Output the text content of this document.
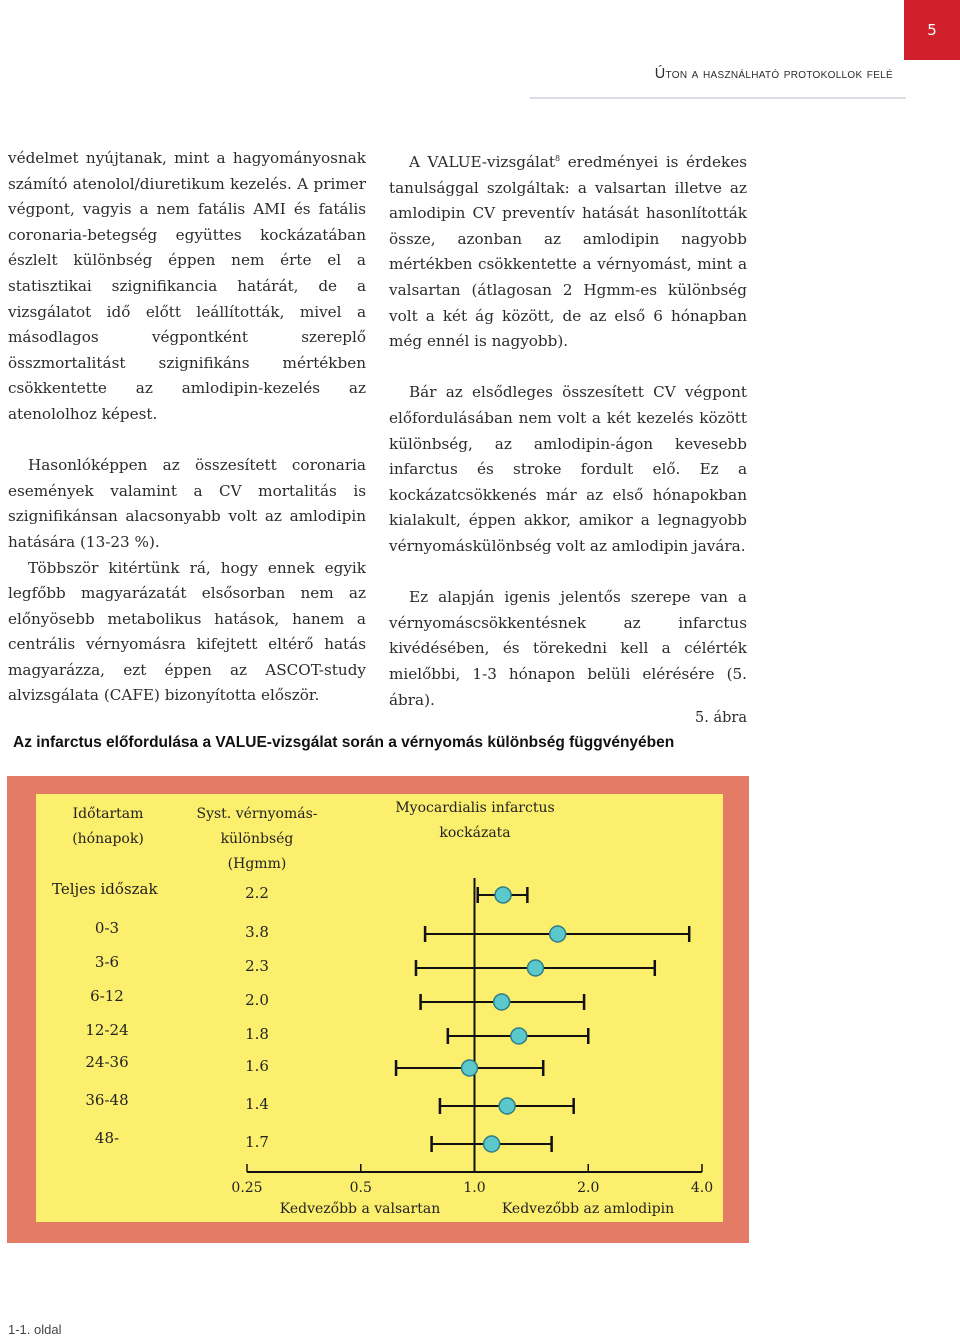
5
Úton a használható protokollok felé

védelmet nyújtanak, mint a hagyományosnak számító atenolol/diuretikum kezelés. A primer végpont, vagyis a nem fatális AMI és fatális coronaria-betegség együttes kockázatában észlelt különbség éppen nem érte el a statisztikai szignifikancia határát, de a vizsgálatot idő előtt leállították, mivel a másodlagos végpontként szereplő összmortalitást szignifikáns mértékben csökkentette az amlodipin-kezelés az atenololhoz képest.

Hasonlóképpen az összesített coronaria események valamint a CV mortalitás is szignifikánsan alacsonyabb volt az amlodipin hatására (13-23 %).

Többször kitértünk rá, hogy ennek egyik legfőbb magyarázatát elsősorban nem az előnyösebb metabolikus hatások, hanem a centrális vérnyomásra kifejtett eltérő hatás magyarázza, ezt éppen az ASCOT-study alvizsgálata (CAFE) bizonyította először.

A VALUE-vizsgálat$^8$ eredményei is érdekes tanulsággal szolgáltak: a valsartan illetve az amlodipin CV preventív hatását hasonlították össze, azonban az amlodipin nagyobb mértékben csökkentette a vérnyomást, mint a valsartan (átlagosan 2 Hgmm-es különbség volt a két ág között, de az első 6 hónapban még ennél is nagyobb).

Bár az elsődleges összesített CV végpont előfordulásában nem volt a két kezelés között különbség, az amlodipin-ágon kevesebb infarctus és stroke fordult elő. Ez a kockázatcsökkenés már az első hónapokban kialakult, éppen akkor, amikor a legnagyobb vérnyomáskülönbség volt az amlodipin javára.

Ez alapján igenis jelentős szerepe van a vérnyomáscsökkentésnek az infarctus kivédésében, és törekedni kell a célérték mielőbbi, 1-3 hónapon belüli elérésére (5. ábra).

5. ábra
Az infarctus előfordulása a VALUE-vizsgálat során a vérnyomás különbség függvényében
Időtartam
(hónapok)
Syst. vérnyomás-
különbség
(Hgmm)
Myocardialis infarctus
kockázata
Teljes időszak	2.2
0-3	3.8
3-6	2.3
6-12	2.0
12-24	1.8
24-36	1.6
36-48	1.4
48-	1.7
0.25	0.5	1.0	2.0	4.0
Kedvezőbb a valsartan	Kedvezőbb az amlodipin
1-1. oldal
